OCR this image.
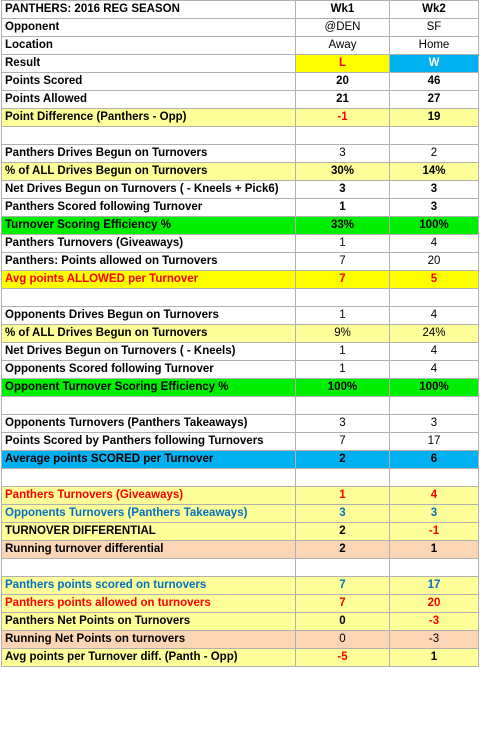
PANTHERS: 2016 REG SEASON	Wk1	Wk2
Opponent	@DEN	SF
Location	Away	Home
Result	L	W
Points Scored	20	46
Points Allowed	21	27
Point Difference (Panthers - Opp)	-1	19

Panthers Drives Begun on Turnovers	3	2
% of ALL Drives Begun on Turnovers	30%	14%
Net Drives Begun on Turnovers ( - Kneels + Pick6)	3	3
Panthers Scored following Turnover	1	3
Turnover Scoring Efficiency %	33%	100%
Panthers Turnovers (Giveaways)	1	4
Panthers: Points allowed on Turnovers	7	20
Avg points ALLOWED per Turnover	7	5

Opponents Drives Begun on Turnovers	1	4
% of ALL Drives Begun on Turnovers	9%	24%
Net Drives Begun on Turnovers ( - Kneels)	1	4
Opponents Scored following Turnover	1	4
Opponent Turnover Scoring Efficiency %	100%	100%

Opponents Turnovers (Panthers Takeaways)	3	3
Points Scored by Panthers following Turnovers	7	17
Average points SCORED per Turnover	2	6

Panthers Turnovers (Giveaways)	1	4
Opponents Turnovers (Panthers Takeaways)	3	3
TURNOVER DIFFERENTIAL	2	-1
Running turnover differential	2	1

Panthers points scored on turnovers	7	17
Panthers points allowed on turnovers	7	20
Panthers Net Points on Turnovers	0	-3
Running Net Points on turnovers	0	-3
Avg points per Turnover diff. (Panth - Opp)	-5	1
